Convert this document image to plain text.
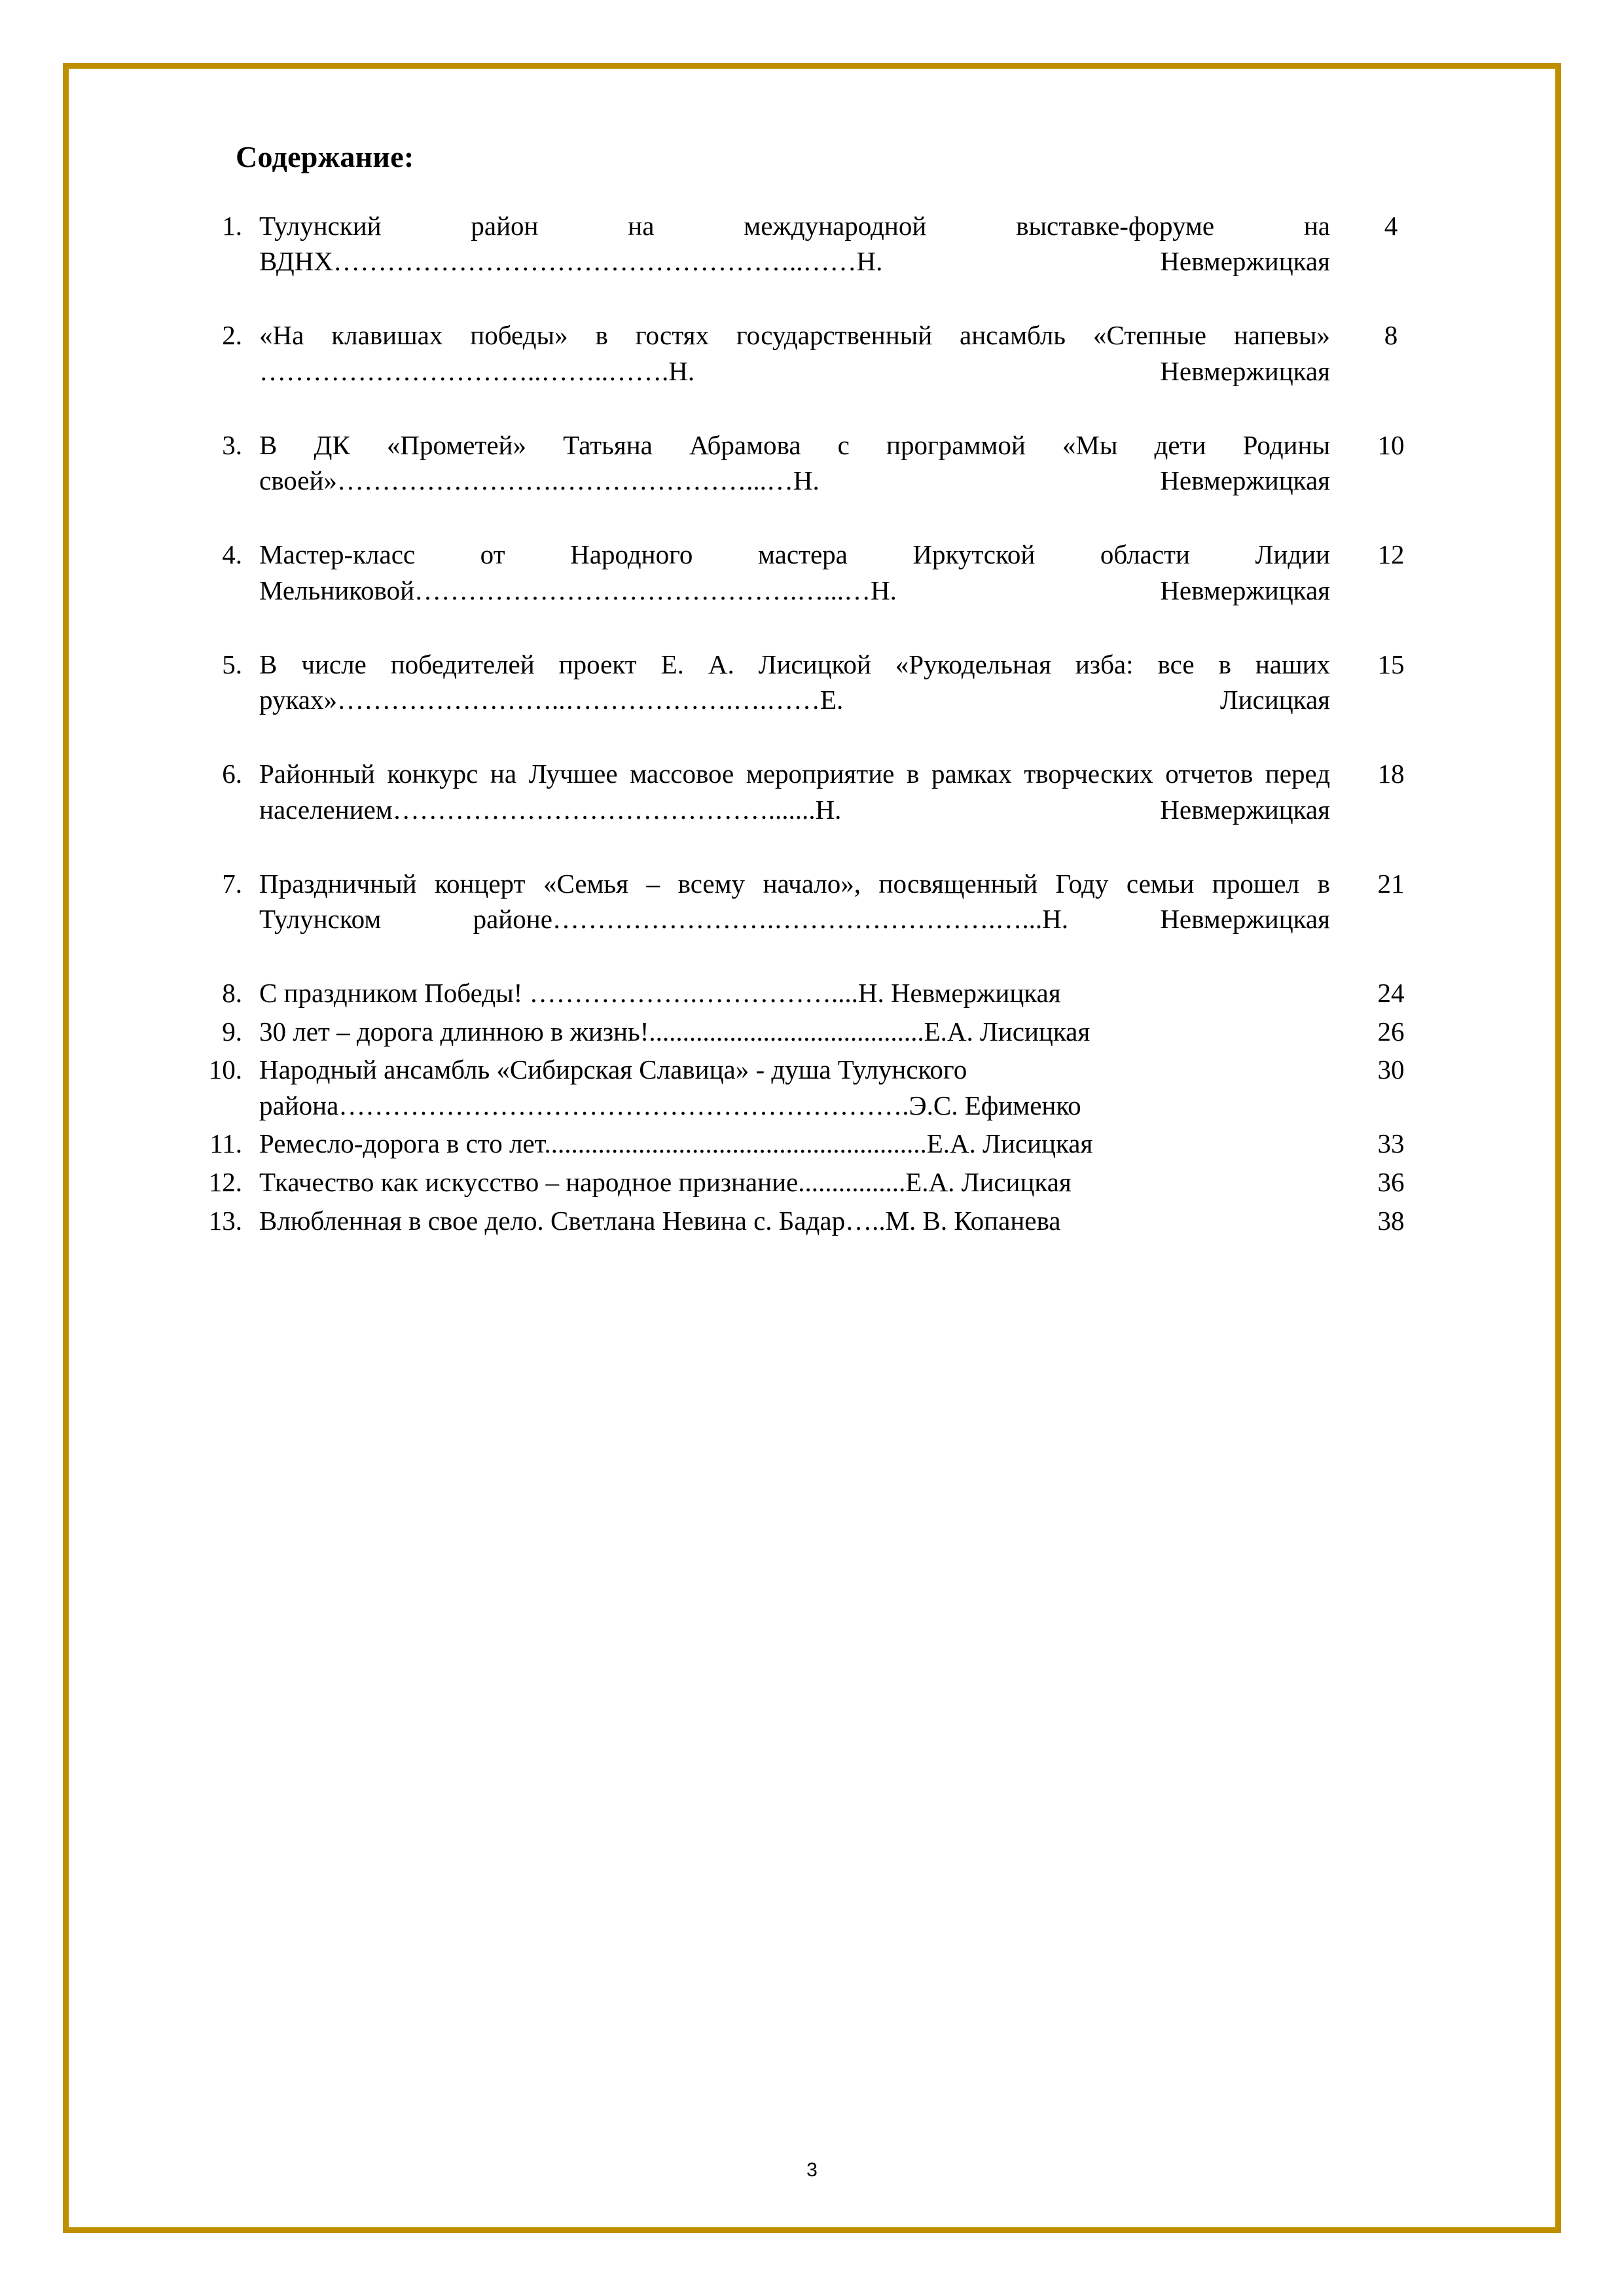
Содержание:
1. Тулунский район на международной выставке-форуме на ВДНХ……………………………………………..……Н. Невмержицкая
4
2. «На клавишах победы» в гостях государственный ансамбль «Степные напевы» …………………………..……..…….Н. Невмержицкая
8
3. В ДК «Прометей» Татьяна Абрамова с программой «Мы дети Родины своей»…………………….…………………...…Н. Невмержицкая
10
4. Мастер-класс от Народного мастера Иркутской области Лидии Мельниковой…………………………………….…...…Н. Невмержицкая
12
5. В числе победителей проект Е. А. Лисицкой «Рукодельная изба: все в наших руках»……………………..……………….….……Е. Лисицкая
15
6. Районный конкурс на Лучшее массовое мероприятие в рамках творческих отчетов перед населением…………………………………….......Н. Невмержицкая
18
7. Праздничный концерт «Семья – всему начало», посвященный Году семьи прошел в Тулунском районе…………………….…………………….…...Н. Невмержицкая
21
8. С праздником Победы! ……………….……………....Н. Невмержицкая	24
9. 30 лет – дорога длинною в жизнь!.........................................Е.А. Лисицкая	26
10. Народный ансамбль «Сибирская Славица» - душа Тулунского района……………………………………………………….Э.С. Ефименко
30
11. Ремесло-дорога в сто лет.........................................................Е.А. Лисицкая	33
12. Ткачество как искусство – народное признание................Е.А. Лисицкая	36
13. Влюбленная в свое дело. Светлана Невина с. Бадар…..М. В. Копанева	38
3
